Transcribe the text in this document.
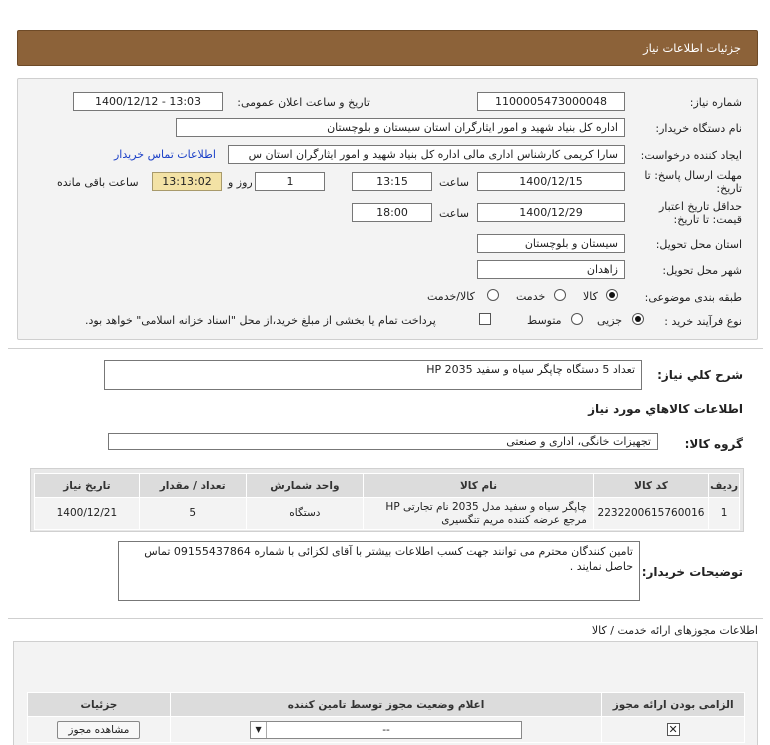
جزئیات اطلاعات نیاز
شماره نیاز:
1100005473000048
تاریخ و ساعت اعلان عمومی:
1400/12/12 - 13:03
نام دستگاه خریدار:
اداره کل بنیاد شهید و امور ایثارگران استان سیستان و بلوچستان
ایجاد کننده درخواست:
سارا کریمی کارشناس اداری مالی اداره کل بنیاد شهید و امور ایثارگران استان س
اطلاعات تماس خریدار
مهلت ارسال پاسخ: تا
تاریخ:
1400/12/15
ساعت
13:15
1
روز و
13:13:02
ساعت باقی مانده
حداقل تاریخ اعتبار
قیمت: تا تاریخ:
1400/12/29
ساعت
18:00
استان محل تحویل:
سیستان و بلوچستان
شهر محل تحویل:
زاهدان
طبقه بندی موضوعی:
کالا
خدمت
کالا/خدمت
نوع فرآیند خرید :
جزیی
متوسط
پرداخت تمام یا بخشی از مبلغ خرید،از محل "اسناد خزانه اسلامی" خواهد بود.
شرح کلي نياز:
تعداد 5 دستگاه چاپگر سیاه و سفید HP 2035
اطلاعات کالاهاي مورد نياز
گروه کالا:
تجهیزات خانگی، اداری و صنعتی
ردیف	کد کالا	نام کالا	واحد شمارش	تعداد / مقدار	تاریخ نیاز
1	2232200615760016	چاپگر سیاه و سفید مدل 2035 نام تجارتی HP مرجع عرضه کننده مریم تنگسیری	دستگاه	5	1400/12/21
توضیحات خریدار:
تامین کنندگان محترم می توانند جهت کسب اطلاعات بیشتر با آقای لکزائی با شماره 09155437864 تماس حاصل نمایند .
اطلاعات مجوزهای ارائه خدمت / کالا
الزامی بودن ارائه مجوز	اعلام وضعیت مجوز توسط تامین کننده	جزئیات
✕	▼ --	مشاهده مجوز
